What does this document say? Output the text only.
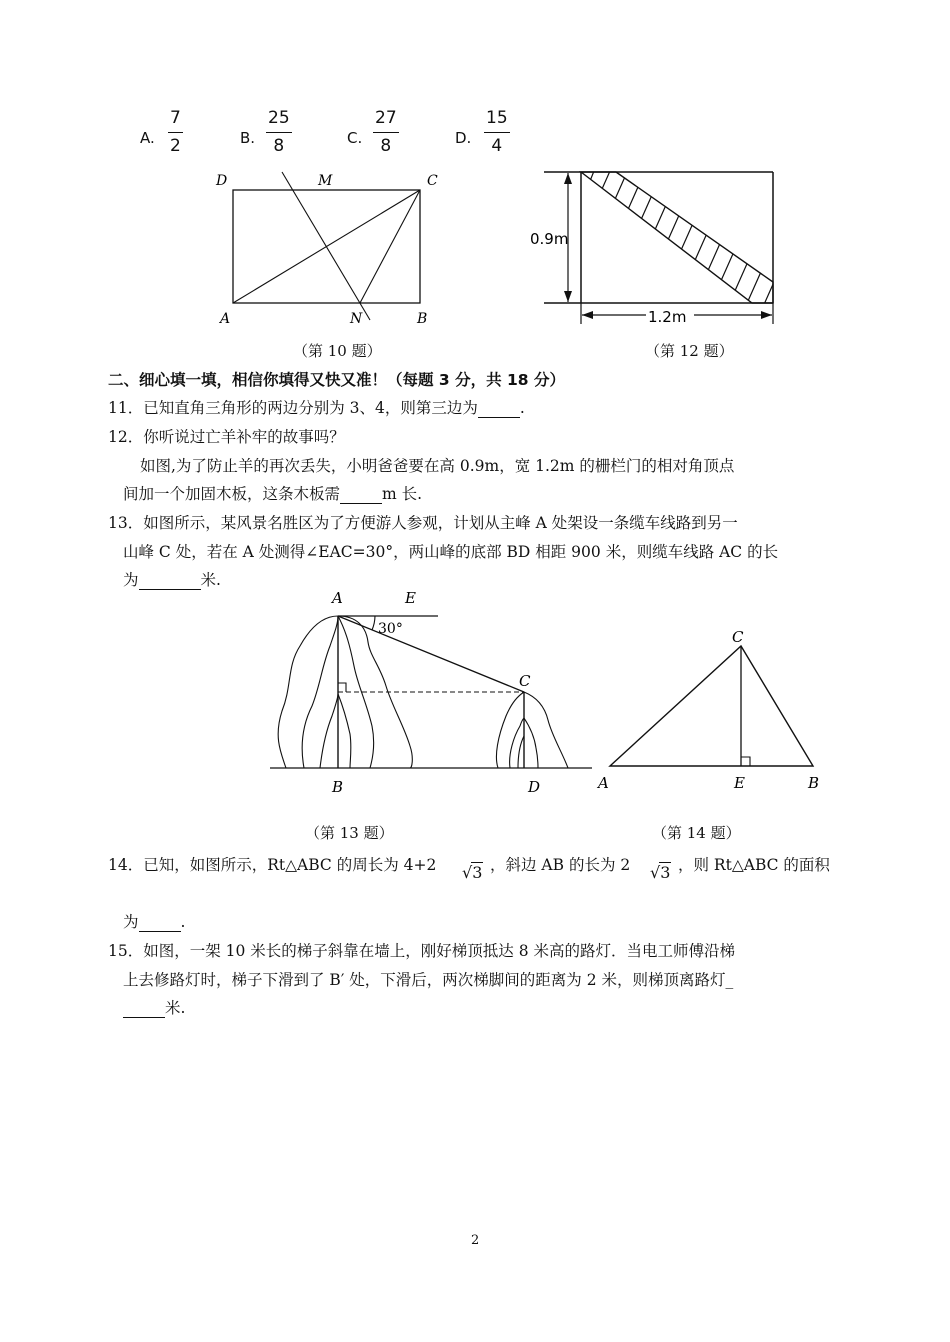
A. $\frac{7}{2}$	B. $\frac{25}{8}$	C. $\frac{27}{8}$	D. $\frac{15}{4}$
D	M	C
A	N	B
（第 10 题）
0.9m
1.2m
（第 12 题）
二、细心填一填，相信你填得又快又准！（每题 3 分，共 18 分）
11．已知直角三角形的两边分别为 3、4，则第三边为	.
12．你听说过亡羊补牢的故事吗？
如图,为了防止羊的再次丢失，小明爸爸要在高 0.9m，宽 1.2m 的栅栏门的相对角顶点
间加一个加固木板，这条木板需	m 长.
13．如图所示，某风景名胜区为了方便游人参观，计划从主峰 A 处架设一条缆车线路到另一
山峰 C 处，若在 A 处测得∠EAC=30°，两山峰的底部 BD 相距 900 米，则缆车线路 AC 的长
为	米.
30°
A	E
C
B	D
（第 13 题）
C
A	E	B
（第 14 题）
14．已知，如图所示，Rt△ABC 的周长为 4+2 √3 ，斜边 AB 的长为 2 √3 ，则 Rt△ABC 的面积
为	.
15．如图，一架 10 米长的梯子斜靠在墙上，刚好梯顶抵达 8 米高的路灯．当电工师傅沿梯
上去修路灯时，梯子下滑到了 B′ 处，下滑后，两次梯脚间的距离为 2 米，则梯顶离路灯_
米.
2
